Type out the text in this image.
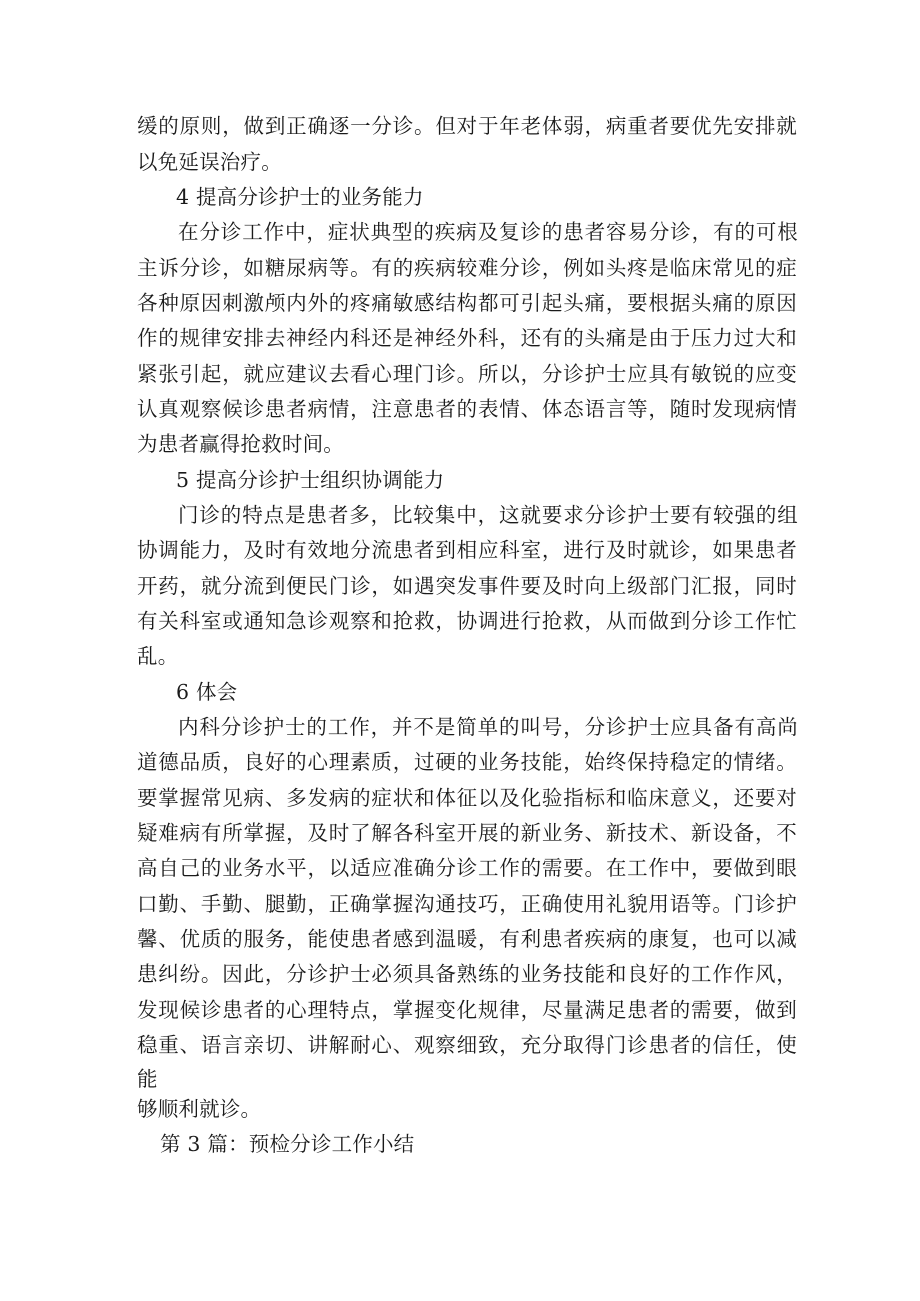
缓的原则，做到正确逐一分诊。但对于年老体弱，病重者要优先安排就
以免延误治疗。
4 提高分诊护士的业务能力
在分诊工作中，症状典型的疾病及复诊的患者容易分诊，有的可根
主诉分诊，如糖尿病等。有的疾病较难分诊，例如头疼是临床常见的症
各种原因刺激颅内外的疼痛敏感结构都可引起头痛，要根据头痛的原因
作的规律安排去神经内科还是神经外科，还有的头痛是由于压力过大和
紧张引起，就应建议去看心理门诊。所以，分诊护士应具有敏锐的应变
认真观察候诊患者病情，注意患者的表情、体态语言等，随时发现病情
为患者赢得抢救时间。
5 提高分诊护士组织协调能力
门诊的特点是患者多，比较集中，这就要求分诊护士要有较强的组
协调能力，及时有效地分流患者到相应科室，进行及时就诊，如果患者
开药，就分流到便民门诊，如遇突发事件要及时向上级部门汇报，同时
有关科室或通知急诊观察和抢救，协调进行抢救，从而做到分诊工作忙
乱。
6 体会
内科分诊护士的工作，并不是简单的叫号，分诊护士应具备有高尚
道德品质，良好的心理素质，过硬的业务技能，始终保持稳定的情绪。
要掌握常见病、多发病的症状和体征以及化验指标和临床意义，还要对
疑难病有所掌握，及时了解各科室开展的新业务、新技术、新设备，不
高自己的业务水平，以适应准确分诊工作的需要。在工作中，要做到眼
口勤、手勤、腿勤，正确掌握沟通技巧，正确使用礼貌用语等。门诊护
馨、优质的服务，能使患者感到温暖，有利患者疾病的康复，也可以减
患纠纷。因此，分诊护士必须具备熟练的业务技能和良好的工作作风，
发现候诊患者的心理特点，掌握变化规律，尽量满足患者的需要，做到
稳重、语言亲切、讲解耐心、观察细致，充分取得门诊患者的信任，使
能
够顺利就诊。
第 3 篇：预检分诊工作小结
